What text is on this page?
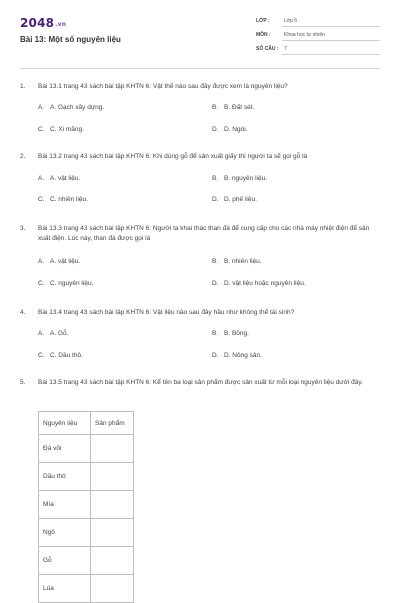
2048.vn
Bài 13: Một số nguyên liệu
LỚP :	Lớp 6
MÔN :	Khoa học tự nhiên
SỐ CÂU : 7
1. Bài 13.1 trang 43 sách bài tập KHTN 6: Vật thể nào sau đây được xem là nguyên liệu?
A. A. Gạch xây dựng.	B. B. Đất sét.
C. C. Xi măng.	D. D. Ngói.
2. Bài 13.2 trang 43 sách bài tập KHTN 6: Khi dùng gỗ để sản xuất giấy thì người ta sẽ gọi gỗ là
A. A. vật liệu.	B. B. nguyên liệu.
C. C. nhiên liệu.	D. D. phế liệu.
3. Bài 13.3 trang 43 sách bài tập KHTN 6: Người ta khai thác than đá để cung cấp cho các nhà máy nhiệt điện để sản xuất điện. Lúc này, than đá được gọi là
A. A. vật liệu.	B. B. nhiên liệu.
C. C. nguyên liệu.	D. D. vật liệu hoặc nguyên liệu.
4. Bài 13.4 trang 43 sách bài tập KHTN 6: Vật liệu nào sau đây hầu như không thể tái sinh?
A. A. Gỗ.	B. B. Bông.
C. C. Dầu thô.	D. D. Nông sản.
5. Bài 13.5 trang 43 sách bài tập KHTN 6: Kể tên ba loại sản phẩm được sản xuất từ mỗi loại nguyên liệu dưới đây.
Nguyên liệu	Sản phẩm
Đá vôi	
Dầu thô	
Mía	
Ngô	
Gỗ	
Lúa	
